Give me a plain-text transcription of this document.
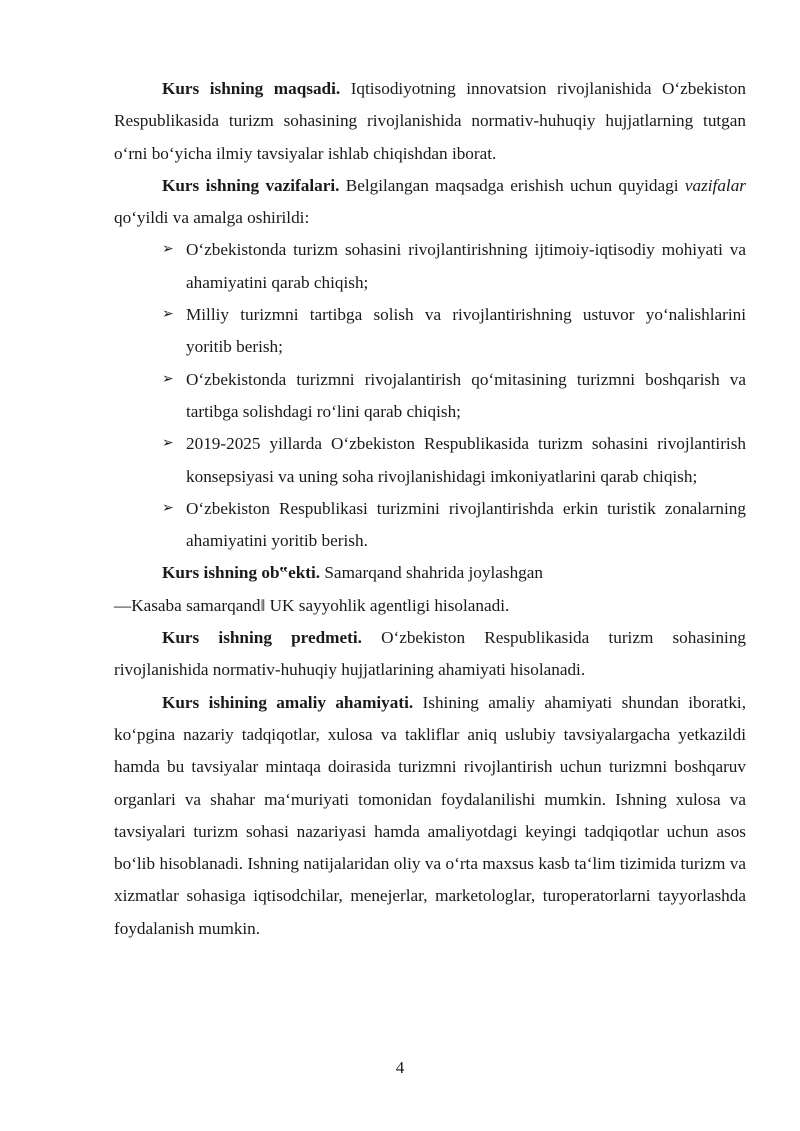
Kurs ishning maqsadi. Iqtisodiyotning innovatsion rivojlanishida O‘zbekiston Respublikasida turizm sohasining rivojlanishida normativ-huhuqiy hujjatlarning tutgan o‘rni bo‘yicha ilmiy tavsiyalar ishlab chiqishdan iborat.
Kurs ishning vazifalari. Belgilangan maqsadga erishish uchun quyidagi vazifalar qo‘yildi va amalga oshirildi:
➢ O‘zbekistonda turizm sohasini rivojlantirishning ijtimoiy-iqtisodiy mohiyati va ahamiyatini qarab chiqish;
➢ Milliy turizmni tartibga solish va rivojlantirishning ustuvor yo‘nalishlarini yoritib berish;
➢ O‘zbekistonda turizmni rivojalantirish qo‘mitasining turizmni boshqarish va tartibga solishdagi ro‘lini qarab chiqish;
➢ 2019-2025 yillarda O‘zbekiston Respublikasida turizm sohasini rivojlantirish konsepsiyasi va uning soha rivojlanishidagi imkoniyatlarini qarab chiqish;
➢ O‘zbekiston Respublikasi turizmini rivojlantirishda erkin turistik zonalarning ahamiyatini yoritib berish.
Kurs ishning ob‟ekti. Samarqand shahrida joylashgan
―Kasaba samarqand‖ UK sayyohlik agentligi hisolanadi.
Kurs ishning predmeti. O‘zbekiston Respublikasida turizm sohasining rivojlanishida normativ-huhuqiy hujjatlarining ahamiyati hisolanadi.
Kurs ishining amaliy ahamiyati. Ishining amaliy ahamiyati shundan iboratki, ko‘pgina nazariy tadqiqotlar, xulosa va takliflar aniq uslubiy tavsiyalargacha yetkazildi hamda bu tavsiyalar mintaqa doirasida turizmni rivojlantirish uchun turizmni boshqaruv organlari va shahar ma‘muriyati tomonidan foydalanilishi mumkin. Ishning xulosa va tavsiyalari turizm sohasi nazariyasi hamda amaliyotdagi keyingi tadqiqotlar uchun asos bo‘lib hisoblanadi. Ishning natijalaridan oliy va o‘rta maxsus kasb ta‘lim tizimida turizm va xizmatlar sohasiga iqtisodchilar, menejerlar, marketologlar, turoperatorlarni tayyorlashda foydalanish mumkin.
4
